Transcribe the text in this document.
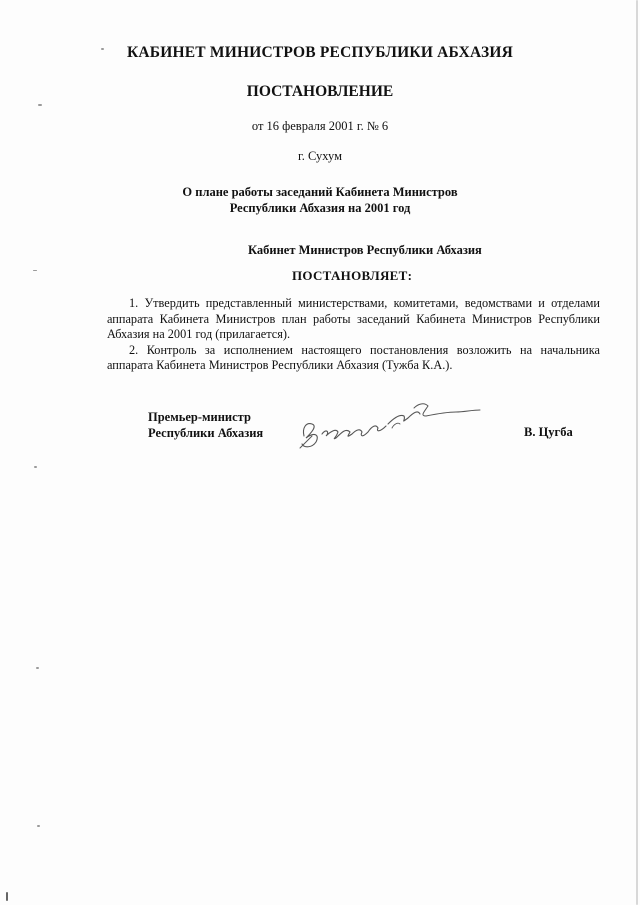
КАБИНЕТ МИНИСТРОВ РЕСПУБЛИКИ АБХАЗИЯ
ПОСТАНОВЛЕНИЕ
от 16 февраля 2001 г. № 6
г. Сухум
О плане работы заседаний Кабинета Министров
Республики Абхазия на 2001 год
Кабинет Министров Республики Абхазия
ПОСТАНОВЛЯЕТ:

1. Утвердить представленный министерствами, комитетами, ведомствами и отделами аппарата Кабинета Министров план работы заседаний Кабинета Министров Республики Абхазия на 2001 год (прилагается).

2. Контроль за исполнением настоящего постановления возложить на начальника аппарата Кабинета Министров Республики Абхазия (Тужба К.А.).

Премьер-министр
Республики Абхазия	В. Цугба
